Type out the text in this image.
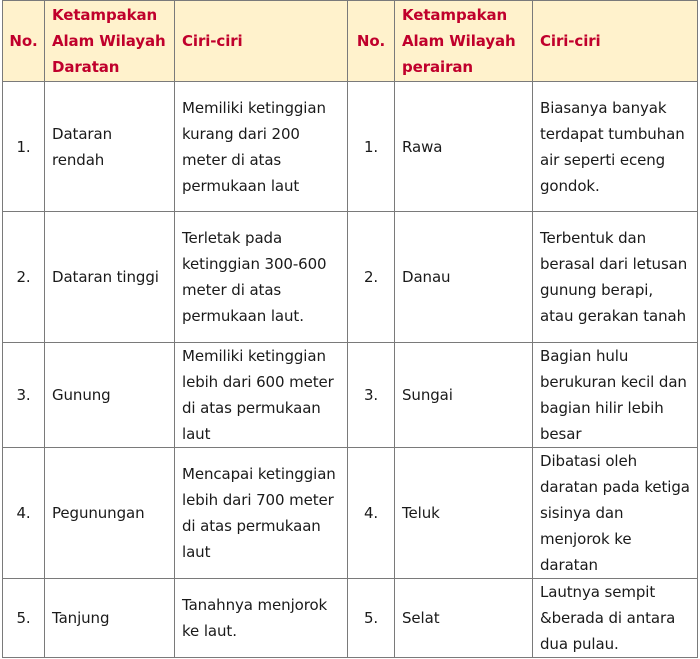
No.	Ketampakan Alam Wilayah Daratan	Ciri-ciri	No.	Ketampakan Alam Wilayah perairan	Ciri-ciri
1.	Dataran rendah	Memiliki ketinggian kurang dari 200 meter di atas permukaan laut	1.	Rawa	Biasanya banyak terdapat tumbuhan air seperti eceng gondok.
2.	Dataran tinggi	Terletak pada ketinggian 300-600 meter di atas permukaan laut.	2.	Danau	Terbentuk dan berasal dari letusan gunung berapi, atau gerakan tanah
3.	Gunung	Memiliki ketinggian lebih dari 600 meter di atas permukaan laut	3.	Sungai	Bagian hulu berukuran kecil dan bagian hilir lebih besar
4.	Pegunungan	Mencapai ketinggian lebih dari 700 meter di atas permukaan laut	4.	Teluk	Dibatasi oleh daratan pada ketiga sisinya dan menjorok ke daratan
5.	Tanjung	Tanahnya menjorok ke laut.	5.	Selat	Lautnya sempit &berada di antara dua pulau.
